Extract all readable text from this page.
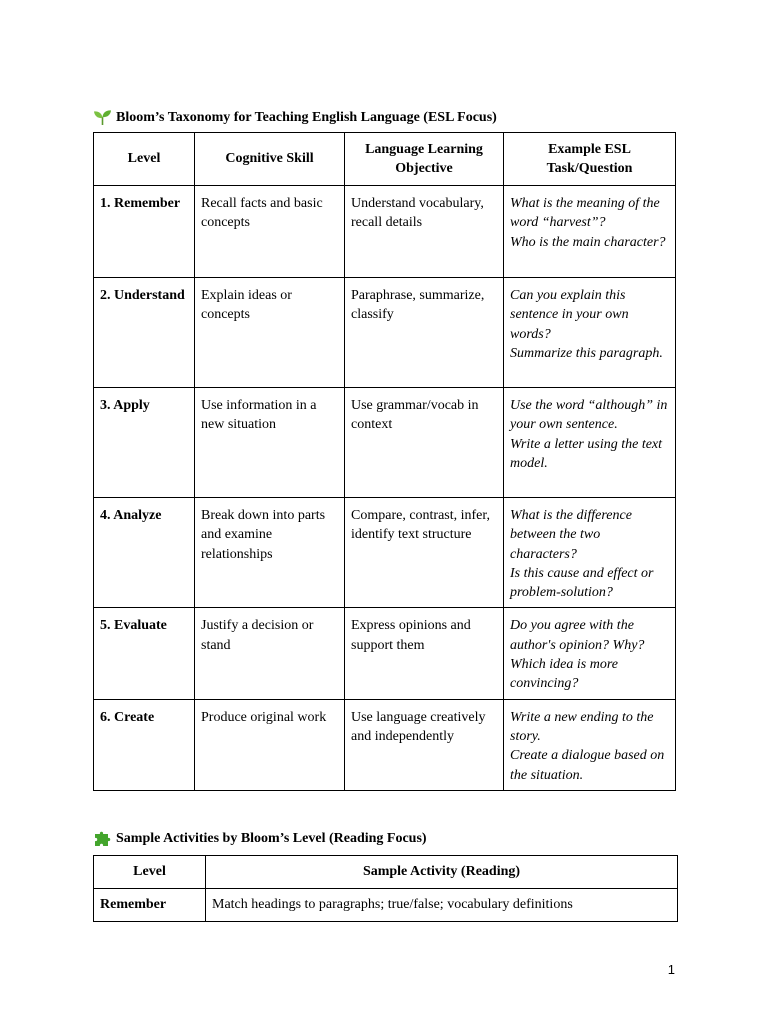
Bloom’s Taxonomy for Teaching English Language (ESL Focus)
Level	Cognitive Skill	Language Learning Objective	Example ESL Task/Question
1. Remember	Recall facts and basic concepts	Understand vocabulary, recall details	What is the meaning of the word “harvest”?
Who is the main character?

2. Understand	Explain ideas or concepts	Paraphrase, summarize, classify	Can you explain this sentence in your own words?
Summarize this paragraph.

3. Apply	Use information in a new situation	Use grammar/vocab in context	Use the word “although” in your own sentence.
Write a letter using the text model.

4. Analyze	Break down into parts and examine relationships	Compare, contrast, infer, identify text structure	What is the difference between the two characters?
Is this cause and effect or problem-solution?

5. Evaluate	Justify a decision or stand	Express opinions and support them	Do you agree with the author's opinion? Why?
Which idea is more convincing?

6. Create	Produce original work	Use language creatively and independently	Write a new ending to the story.
Create a dialogue based on the situation.
Sample Activities by Bloom’s Level (Reading Focus)
Level	Sample Activity (Reading)
Remember	Match headings to paragraphs; true/false; vocabulary definitions
1
